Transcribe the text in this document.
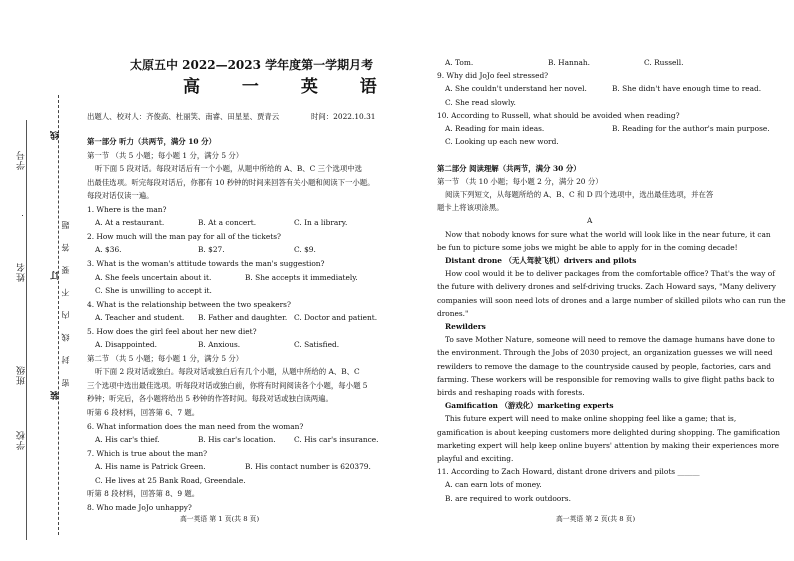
学号
姓名
班级
学校
线
订
装
密 封 线 内 不 要 答 题
太原五中 2022—2023 学年度第一学期月考
高 一 英 语
出题人、校对人：齐俊高、杜丽笑、南睿、田星星、贾青云	时间：2022.10.31
第一部分 听力（共两节，满分 10 分）
第一节 （共 5 小题；每小题 1 分，满分 5 分）
听下面 5 段对话。每段对话后有一个小题，从题中所给的 A、B、C 三个选项中选
出最佳选项。听完每段对话后，你都有 10 秒钟的时间来回答有关小题和阅读下一小题。
每段对话仅读一遍。
1. Where is the man?
A. At a restaurant.	B. At a concert.	C. In a library.
2. How much will the man pay for all of the tickets?
A. $36.	B. $27.	C. $9.
3. What is the woman's attitude towards the man's suggestion?
A. She feels uncertain about it.	B. She accepts it immediately.
C. She is unwilling to accept it.
4. What is the relationship between the two speakers?
A. Teacher and student. B. Father and daughter. C. Doctor and patient.
5. How does the girl feel about her new diet?
A. Disappointed.	B. Anxious.	C. Satisfied.
第二节 （共 5 小题；每小题 1 分，满分 5 分）
听下面 2 段对话或独白。每段对话或独白后有几个小题，从题中所给的 A、B、C
三个选项中选出最佳选项。听每段对话或独白前，你将有时间阅读各个小题，每小题 5
秒钟；听完后，各小题将给出 5 秒钟的作答时间。每段对话或独白读两遍。
听第 6 段材料，回答第 6、7 题。
6. What information does the man need from the woman?
A. His car's thief.	B. His car's location. C. His car's insurance.
7. Which is true about the man?
A. His name is Patrick Green.	B. His contact number is 620379.
C. He lives at 25 Bank Road, Greendale.
听第 8 段材料，回答第 8、9 题。
8. Who made JoJo unhappy?
高一英语 第 1 页(共 8 页)
A. Tom.	B. Hannah.	C. Russell.
9. Why did JoJo feel stressed?
A. She couldn't understand her novel.	B. She didn't have enough time to read.
C. She read slowly.
10. According to Russell, what should be avoided when reading?
A. Reading for main ideas.	B. Reading for the author's main purpose.
C. Looking up each new word.
第二部分 阅读理解（共两节，满分 30 分）
第一节 （共 10 小题；每小题 2 分，满分 20 分）
阅读下列短文，从每题所给的 A、B、C 和 D 四个选项中，选出最佳选项，并在答
题卡上将该项涂黑。
A
Now that nobody knows for sure what the world will look like in the near future, it can
be fun to picture some jobs we might be able to apply for in the coming decade!
Distant drone （无人驾驶飞机）drivers and pilots
How cool would it be to deliver packages from the comfortable office? That's the way of
the future with delivery drones and self-driving trucks. Zach Howard says, "Many delivery
companies will soon need lots of drones and a large number of skilled pilots who can run the
drones."
Rewilders
To save Mother Nature, someone will need to remove the damage humans have done to
the environment. Through the Jobs of 2030 project, an organization guesses we will need
rewilders to remove the damage to the countryside caused by people, factories, cars and
farming. These workers will be responsible for removing walls to give flight paths back to
birds and reshaping roads with forests.
Gamification （游戏化）marketing experts
This future expert will need to make online shopping feel like a game; that is,
gamification is about keeping customers more delighted during shopping. The gamification
marketing expert will help keep online buyers' attention by making their experiences more
playful and exciting.
11. According to Zach Howard, distant drone drivers and pilots ______
A. can earn lots of money.
B. are required to work outdoors.
高一英语 第 2 页(共 8 页)
